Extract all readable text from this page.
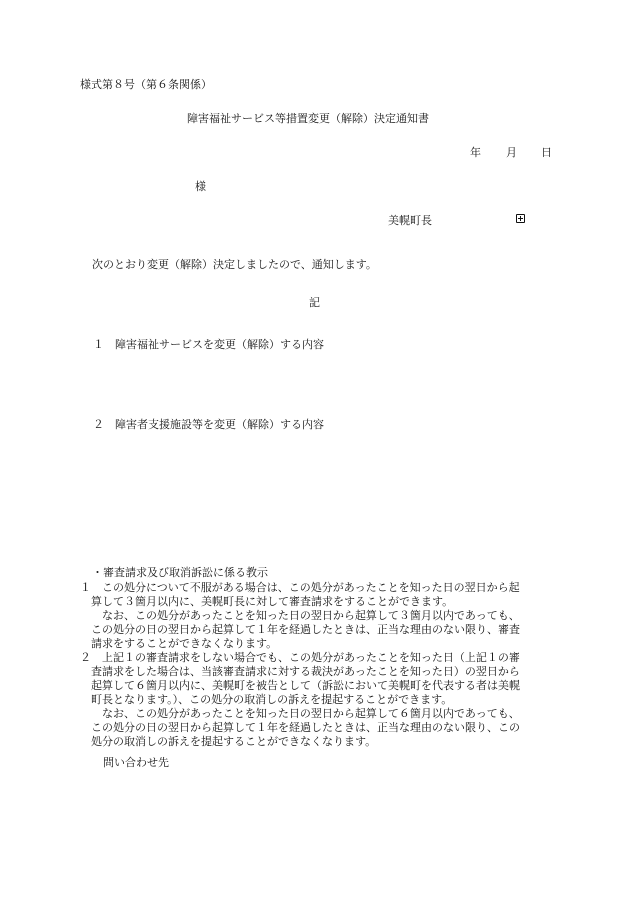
様式第８号（第６条関係）
障害福祉サービス等措置変更（解除）決定通知書
年 月 日
様
美幌町長
次のとおり変更（解除）決定しましたので、通知します。
記
１　障害福祉サービスを変更（解除）する内容
２　障害者支援施設等を変更（解除）する内容
・審査請求及び取消訴訟に係る教示
１　この処分について不服がある場合は、この処分があったことを知った日の翌日から起
算して３箇月以内に、美幌町長に対して審査請求をすることができます。
　なお、この処分があったことを知った日の翌日から起算して３箇月以内であっても、
この処分の日の翌日から起算して１年を経過したときは、正当な理由のない限り、審査
請求をすることができなくなります。
２　上記１の審査請求をしない場合でも、この処分があったことを知った日（上記１の審
査請求をした場合は、当該審査請求に対する裁決があったことを知った日）の翌日から
起算して６箇月以内に、美幌町を被告として（訴訟において美幌町を代表する者は美幌
町長となります。）、この処分の取消しの訴えを提起することができます。
　なお、この処分があったことを知った日の翌日から起算して６箇月以内であっても、
この処分の日の翌日から起算して１年を経過したときは、正当な理由のない限り、この
処分の取消しの訴えを提起することができなくなります。
問い合わせ先
